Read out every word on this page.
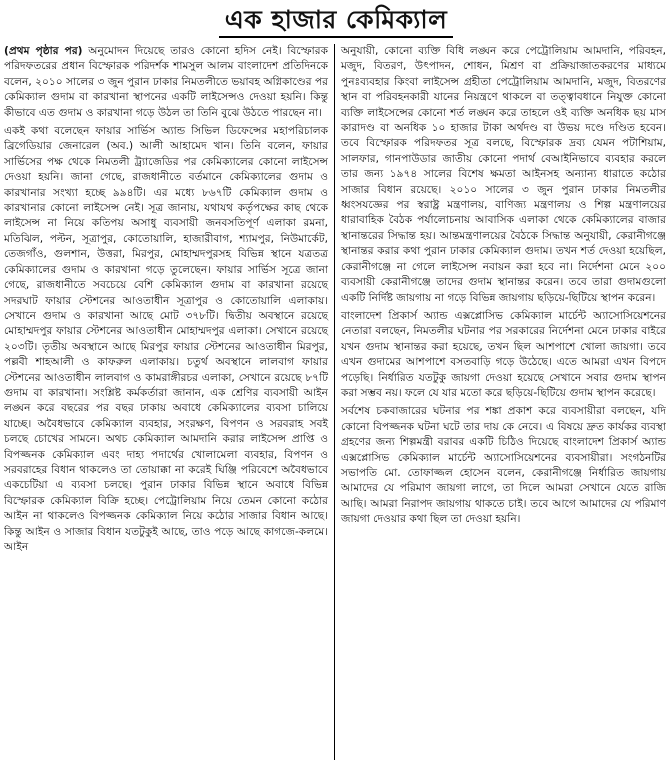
এক হাজার কেমিক্যাল

(প্রথম পৃষ্ঠার পর) অনুমোদন দিয়েছে তারও কোনো হদিস নেই। বিস্ফোরক পরিদফতরের প্রধান বিস্ফোরক পরিদর্শক শামসুল আলম বাংলাদেশ প্রতিদিনকে বলেন, ২০১০ সালের ৩ জুন পুরান ঢাকার নিমতলীতে ভয়াবহ অগ্নিকাণ্ডের পর কেমিক্যাল গুদাম বা কারখানা স্থাপনের একটি লাইসেন্সও দেওয়া হয়নি। কিন্তু কীভাবে এত গুদাম ও কারখানা গড়ে উঠল তা তিনি বুঝে উঠতে পারছেন না।

একই কথা বলেছেন ফায়ার সার্ভিস অ্যান্ড সিভিল ডিফেন্সের মহাপরিচালক ব্রিগেডিয়ার জেনারেল (অব.) আলী আহামেদ খান। তিনি বলেন, ফায়ার সার্ভিসের পক্ষ থেকে নিমতলী ট্র্যাজেডির পর কেমিক্যালের কোনো লাইসেন্স দেওয়া হয়নি। জানা গেছে, রাজধানীতে বর্তমানে কেমিক্যালের গুদাম ও কারখানার সংখ্যা হচ্ছে ৯৯৪টি। এর মধ্যে ৮৬৭টি কেমিক্যাল গুদাম ও কারখানার কোনো লাইসেন্স নেই। সূত্র জানায়, যথাযথ কর্তৃপক্ষের কাছ থেকে লাইসেন্স না নিয়ে কতিপয় অসাধু ব্যবসায়ী জনবসতিপূর্ণ এলাকা রমনা, মতিঝিল, পল্টন, সূত্রাপুর, কোতোয়ালি, হাজারীবাগ, শ্যামপুর, নিউমার্কেট, তেজগাঁও, গুলশান, উত্তরা, মিরপুর, মোহাম্মদপুরসহ বিভিন্ন স্থানে যত্রতত্র কেমিক্যালের গুদাম ও কারখানা গড়ে তুলেছেন। ফায়ার সার্ভিস সূত্রে জানা গেছে, রাজধানীতে সবচেয়ে বেশি কেমিক্যাল গুদাম বা কারখানা রয়েছে সদরঘাট ফায়ার স্টেশনের আওতাধীন সূত্রাপুর ও কোতোয়ালি এলাকায়। সেখানে গুদাম ও কারখানা আছে মোট ৩৭৮টি। দ্বিতীয় অবস্থানে রয়েছে মোহাম্মদপুর ফায়ার স্টেশনের আওতাধীন মোহাম্মদপুর এলাকা। সেখানে রয়েছে ২০৩টি। তৃতীয় অবস্থানে আছে মিরপুর ফায়ার স্টেশনের আওতাধীন মিরপুর, পল্লবী শাহআলী ও কাফরুল এলাকায়। চতুর্থ অবস্থানে লালবাগ ফায়ার স্টেশনের আওতাধীন লালবাগ ও কামরাঙ্গীরচর এলাকা, সেখানে রয়েছে ৮৭টি গুদাম বা কারখানা। সংশ্লিষ্ট কর্মকর্তারা জানান, এক শ্রেণির ব্যবসায়ী আইন লঙ্ঘন করে বছরের পর বছর ঢাকায় অবাধে কেমিক্যালের ব্যবসা চালিয়ে যাচ্ছে। অবৈধভাবে কেমিক্যাল ব্যবহার, সংরক্ষণ, বিপণন ও সরবরাহ সবই চলছে চোখের সামনে। অথচ কেমিক্যাল আমদানি করার লাইসেন্স প্রাপ্তি ও বিপজ্জনক কেমিক্যাল এবং দাহ্য পদার্থের খোলামেলা ব্যবহার, বিপণন ও সরবরাহের বিধান থাকলেও তা তোয়াক্কা না করেই ঘিঞ্জি পরিবেশে অবৈধভাবে একচেটিয়া এ ব্যবসা চলছে। পুরান ঢাকার বিভিন্ন স্থানে অবাধে বিভিন্ন বিস্ফোরক কেমিক্যাল বিক্রি হচ্ছে। পেট্রোলিয়াম নিয়ে তেমন কোনো কঠোর আইন না থাকলেও বিপজ্জনক কেমিক্যাল নিয়ে কঠোর সাজার বিধান আছে। কিন্তু আইন ও সাজার বিধান যতটুকুই আছে, তাও পড়ে আছে কাগজে-কলমে। আইন

অনুযায়ী, কোনো ব্যক্তি বিধি লঙ্ঘন করে পেট্রোলিয়াম আমদানি, পরিবহন, মজুদ, বিতরণ, উৎপাদন, শোধন, মিশ্রণ বা প্রক্রিয়াজাতকরণের মাধ্যমে পুনঃব্যবহার কিংবা লাইসেন্স গ্রহীতা পেট্রোলিয়াম আমদানি, মজুদ, বিতরণের স্থান বা পরিবহনকারী যানের নিয়ন্ত্রণে থাকলে বা তত্ত্বাবধানে নিযুক্ত কোনো ব্যক্তি লাইসেন্সের কোনো শর্ত লঙ্ঘন করে তাহলে ওই ব্যক্তি অনধিক ছয় মাস কারাদণ্ড বা অনধিক ১০ হাজার টাকা অর্থদণ্ড বা উভয় দণ্ডে দণ্ডিত হবেন। তবে বিস্ফোরক পরিদফতর সূত্র বলছে, বিস্ফোরক দ্রব্য যেমন পটাশিয়াম, সালফার, গানপাউডার জাতীয় কোনো পদার্থ বেআইনিভাবে ব্যবহার করলে তার জন্য ১৯৭৪ সালের বিশেষ ক্ষমতা আইনসহ অন্যান্য ধারাতে কঠোর সাজার বিধান রয়েছে। ২০১০ সালের ৩ জুন পুরান ঢাকার নিমতলীর ধ্বংসযজ্ঞের পর স্বরাষ্ট্র মন্ত্রণালয়, বাণিজ্য মন্ত্রণালয় ও শিল্প মন্ত্রণালয়ের ধারাবাহিক বৈঠক পর্যালোচনায় আবাসিক এলাকা থেকে কেমিক্যালের বাজার স্থানান্তরের সিদ্ধান্ত হয়। আন্তমন্ত্রণালয়ের বৈঠকে সিদ্ধান্ত অনুযায়ী, কেরানীগঞ্জে স্থানান্তর করার কথা পুরান ঢাকার কেমিক্যাল গুদাম। তখন শর্ত দেওয়া হয়েছিল, কেরানীগঞ্জে না গেলে লাইসেন্স নবায়ন করা হবে না। নির্দেশনা মেনে ২০০ ব্যবসায়ী কেরানীগঞ্জে তাদের গুদাম স্থানান্তর করেন। তবে তারা গুদামগুলো একটি নির্দিষ্ট জায়গায় না গড়ে বিভিন্ন জায়গায় ছড়িয়ে-ছিটিয়ে স্থাপন করেন।

বাংলাদেশ প্রিকার্স অ্যান্ড এক্সপ্লোসিভ কেমিক্যাল মার্চেন্ট অ্যাসোসিয়েশনের নেতারা বলছেন, নিমতলীর ঘটনার পর সরকারের নির্দেশনা মেনে ঢাকার বাইরে যখন গুদাম স্থানান্তর করা হয়েছে, তখন ছিল আশপাশে খোলা জায়গা। তবে এখন গুদামের আশপাশে বসতবাড়ি গড়ে উঠেছে। এতে আমরা এখন বিপদে পড়েছি। নির্ধারিত যতটুকু জায়গা দেওয়া হয়েছে সেখানে সবার গুদাম স্থাপন করা সম্ভব নয়। ফলে যে যার মতো করে ছড়িয়ে-ছিটিয়ে গুদাম স্থাপন করেছে।

সর্বশেষ চকবাজারের ঘটনার পর শঙ্কা প্রকাশ করে ব্যবসায়ীরা বলছেন, যদি কোনো বিপজ্জনক ঘটনা ঘটে তার দায় কে নেবে। এ বিষয়ে দ্রুত কার্যকর ব্যবস্থা গ্রহণের জন্য শিল্পমন্ত্রী বরাবর একটি চিঠিও দিয়েছে বাংলাদেশ প্রিকার্স অ্যান্ড এক্সপ্লোসিভ কেমিক্যাল মার্চেন্ট অ্যাসোসিয়েশনের ব্যবসায়ীরা। সংগঠনটির সভাপতি মো. তোফাজ্জল হোসেন বলেন, কেরানীগঞ্জে নির্ধারিত জায়গায় আমাদের যে পরিমাণ জায়গা লাগে, তা দিলে আমরা সেখানে যেতে রাজি আছি। আমরা নিরাপদ জায়গায় থাকতে চাই। তবে আগে আমাদের যে পরিমাণ জায়গা দেওয়ার কথা ছিল তা দেওয়া হয়নি।
